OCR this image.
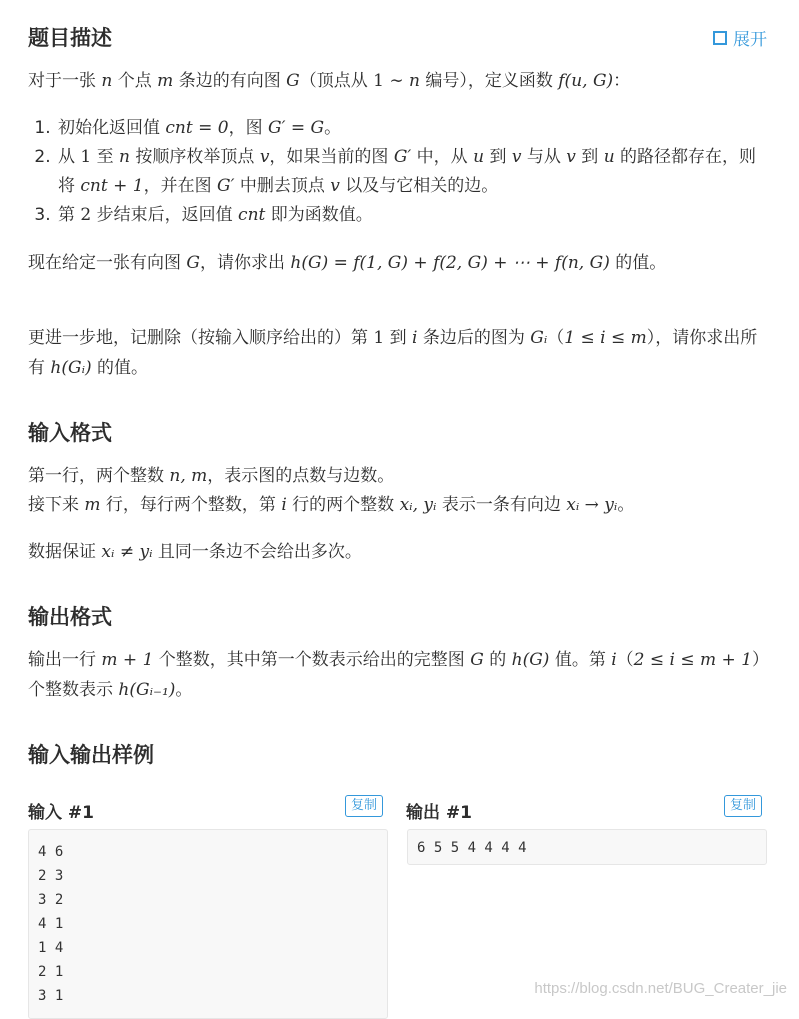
题目描述	展开

对于一张 n 个点 m 条边的有向图 G（顶点从 1 ∼ n 编号），定义函数 f(u, G)：

1. 初始化返回值 cnt = 0，图 G′ = G。
2. 从 1 至 n 按顺序枚举顶点 v，如果当前的图 G′ 中，从 u 到 v 与从 v 到 u 的路径都存在，则将 cnt + 1，并在图 G′ 中删去顶点 v 以及与它相关的边。
3. 第 2 步结束后，返回值 cnt 即为函数值。

现在给定一张有向图 G，请你求出 h(G) = f(1, G) + f(2, G) + ⋯ + f(n, G) 的值。

更进一步地，记删除（按输入顺序给出的）第 1 到 i 条边后的图为 Gᵢ（1 ≤ i ≤ m），请你求出所有 h(Gᵢ) 的值。

输入格式

第一行，两个整数 n, m，表示图的点数与边数。

接下来 m 行，每行两个整数，第 i 行的两个整数 xᵢ, yᵢ 表示一条有向边 xᵢ → yᵢ。

数据保证 xᵢ ≠ yᵢ 且同一条边不会给出多次。

输出格式

输出一行 m + 1 个整数，其中第一个数表示给出的完整图 G 的 h(G) 值。第 i（2 ≤ i ≤ m + 1）个整数表示 h(Gᵢ₋₁)。

输入输出样例
输入 #1	复制
4 6
2 3
3 2
4 1
1 4
2 1
3 1
输出 #1	复制
6 5 5 4 4 4 4
https://blog.csdn.net/BUG_Creater_jie
